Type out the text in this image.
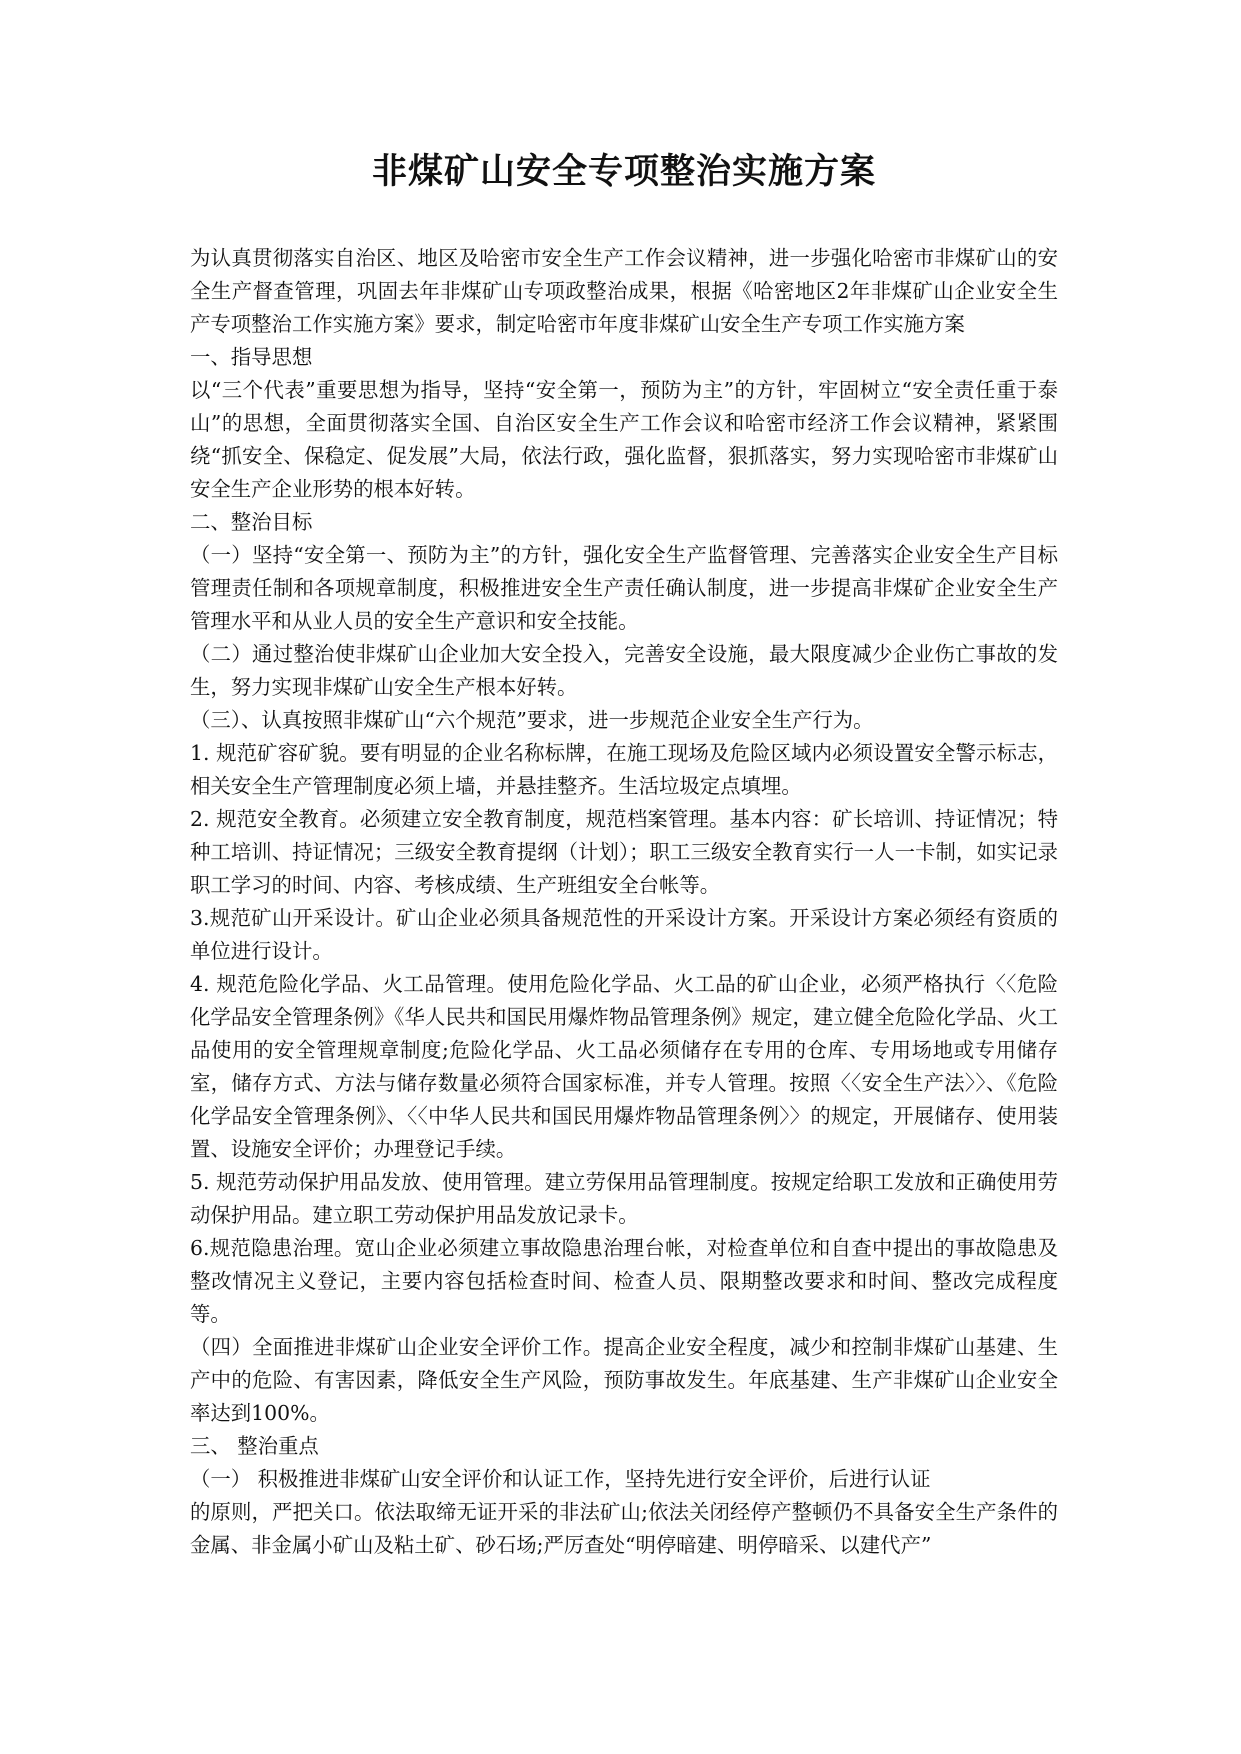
非煤矿山安全专项整治实施方案

为认真贯彻落实自治区、地区及哈密市安全生产工作会议精神，进一步强化哈密市非煤矿山的安全生产督查管理，巩固去年非煤矿山专项政整治成果，根据《哈密地区2年非煤矿山企业安全生产专项整治工作实施方案》要求，制定哈密市年度非煤矿山安全生产专项工作实施方案

一、指导思想

以“三个代表”重要思想为指导，坚持“安全第一，预防为主”的方针，牢固树立“安全责任重于泰山”的思想，全面贯彻落实全国、自治区安全生产工作会议和哈密市经济工作会议精神，紧紧围绕“抓安全、保稳定、促发展”大局，依法行政，强化监督，狠抓落实，努力实现哈密市非煤矿山安全生产企业形势的根本好转。

二、整治目标

（一）坚持“安全第一、预防为主”的方针，强化安全生产监督管理、完善落实企业安全生产目标管理责任制和各项规章制度，积极推进安全生产责任确认制度，进一步提高非煤矿企业安全生产管理水平和从业人员的安全生产意识和安全技能。

（二）通过整治使非煤矿山企业加大安全投入，完善安全设施，最大限度减少企业伤亡事故的发生，努力实现非煤矿山安全生产根本好转。

（三）、认真按照非煤矿山“六个规范”要求，进一步规范企业安全生产行为。

1. 规范矿容矿貌。要有明显的企业名称标牌，在施工现场及危险区域内必须设置安全警示标志，相关安全生产管理制度必须上墙，并悬挂整齐。生活垃圾定点填埋。

2. 规范安全教育。必须建立安全教育制度，规范档案管理。基本内容：矿长培训、持证情况；特种工培训、持证情况；三级安全教育提纲（计划）；职工三级安全教育实行一人一卡制，如实记录职工学习的时间、内容、考核成绩、生产班组安全台帐等。

3.规范矿山开采设计。矿山企业必须具备规范性的开采设计方案。开采设计方案必须经有资质的单位进行设计。

4. 规范危险化学品、火工品管理。使用危险化学品、火工品的矿山企业，必须严格执行〈〈危险化学品安全管理条例》《华人民共和国民用爆炸物品管理条例》规定，建立健全危险化学品、火工品使用的安全管理规章制度;危险化学品、火工品必须储存在专用的仓库、专用场地或专用储存室，储存方式、方法与储存数量必须符合国家标准，并专人管理。按照〈〈安全生产法〉〉、《危险化学品安全管理条例》、〈〈中华人民共和国民用爆炸物品管理条例〉〉的规定，开展储存、使用装置、设施安全评价；办理登记手续。

5. 规范劳动保护用品发放、使用管理。建立劳保用品管理制度。按规定给职工发放和正确使用劳动保护用品。建立职工劳动保护用品发放记录卡。

6.规范隐患治理。宽山企业必须建立事故隐患治理台帐，对检查单位和自查中提出的事故隐患及整改情况主义登记，主要内容包括检查时间、检查人员、限期整改要求和时间、整改完成程度等。

（四）全面推进非煤矿山企业安全评价工作。提高企业安全程度，减少和控制非煤矿山基建、生产中的危险、有害因素，降低安全生产风险，预防事故发生。年底基建、生产非煤矿山企业安全率达到100%。

三、 整治重点

（一） 积极推进非煤矿山安全评价和认证工作，坚持先进行安全评价，后进行认证

的原则，严把关口。依法取缔无证开采的非法矿山;依法关闭经停产整顿仍不具备安全生产条件的金属、非金属小矿山及粘土矿、砂石场;严厉查处“明停暗建、明停暗采、以建代产”
